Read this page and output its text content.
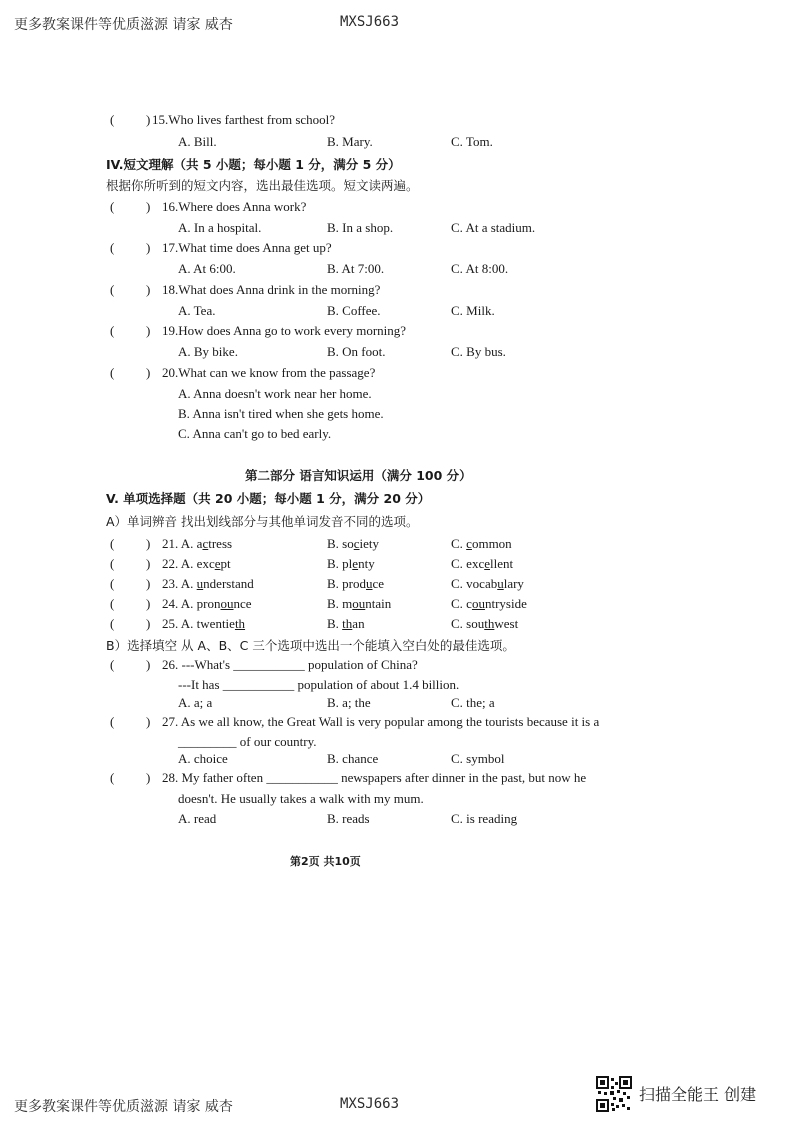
更多教案课件等优质滋源 请家 威杏	MXSJ663
( ) 15.Who lives farthest from school?
A. Bill.	B. Mary.	C. Tom.
IV.短文理解（共 5 小题；每小题 1 分，满分 5 分）
根据你所听到的短文内容，选出最佳选项。短文读两遍。
( ) 16.Where does Anna work?
A. In a hospital.	B. In a shop.	C. At a stadium.
( ) 17.What time does Anna get up?
A. At 6:00.	B. At 7:00.	C. At 8:00.
( ) 18.What does Anna drink in the morning?
A. Tea.	B. Coffee.	C. Milk.
( ) 19.How does Anna go to work every morning?
A. By bike.	B. On foot.	C. By bus.
( ) 20.What can we know from the passage?
A. Anna doesn't work near her home.
B. Anna isn't tired when she gets home.
C. Anna can't go to bed early.
第二部分 语言知识运用（满分 100 分）
V. 单项选择题（共 20 小题；每小题 1 分，满分 20 分）
A）单词辨音 找出划线部分与其他单词发音不同的选项。
( ) 21. A. actress	B. society	C. common
( ) 22. A. except	B. plenty	C. excellent
( ) 23. A. understand	B. produce	C. vocabulary
( ) 24. A. pronounce	B. mountain	C. countryside
( ) 25. A. twentieth	B. than	C. southwest
B）选择填空 从 A、B、C 三个选项中选出一个能填入空白处的最佳选项。
( ) 26. ---What's ___________ population of China?
---It has ___________ population of about 1.4 billion.
A. a; a	B. a; the	C. the; a
( ) 27. As we all know, the Great Wall is very popular among the tourists because it is a
_________ of our country.
A. choice	B. chance	C. symbol
( ) 28. My father often ___________ newspapers after dinner in the past, but now he
doesn't. He usually takes a walk with my mum.
A. read	B. reads	C. is reading
第2页 共10页
更多教案课件等优质滋源 请家 威杏	MXSJ663	扫描全能王 创建
